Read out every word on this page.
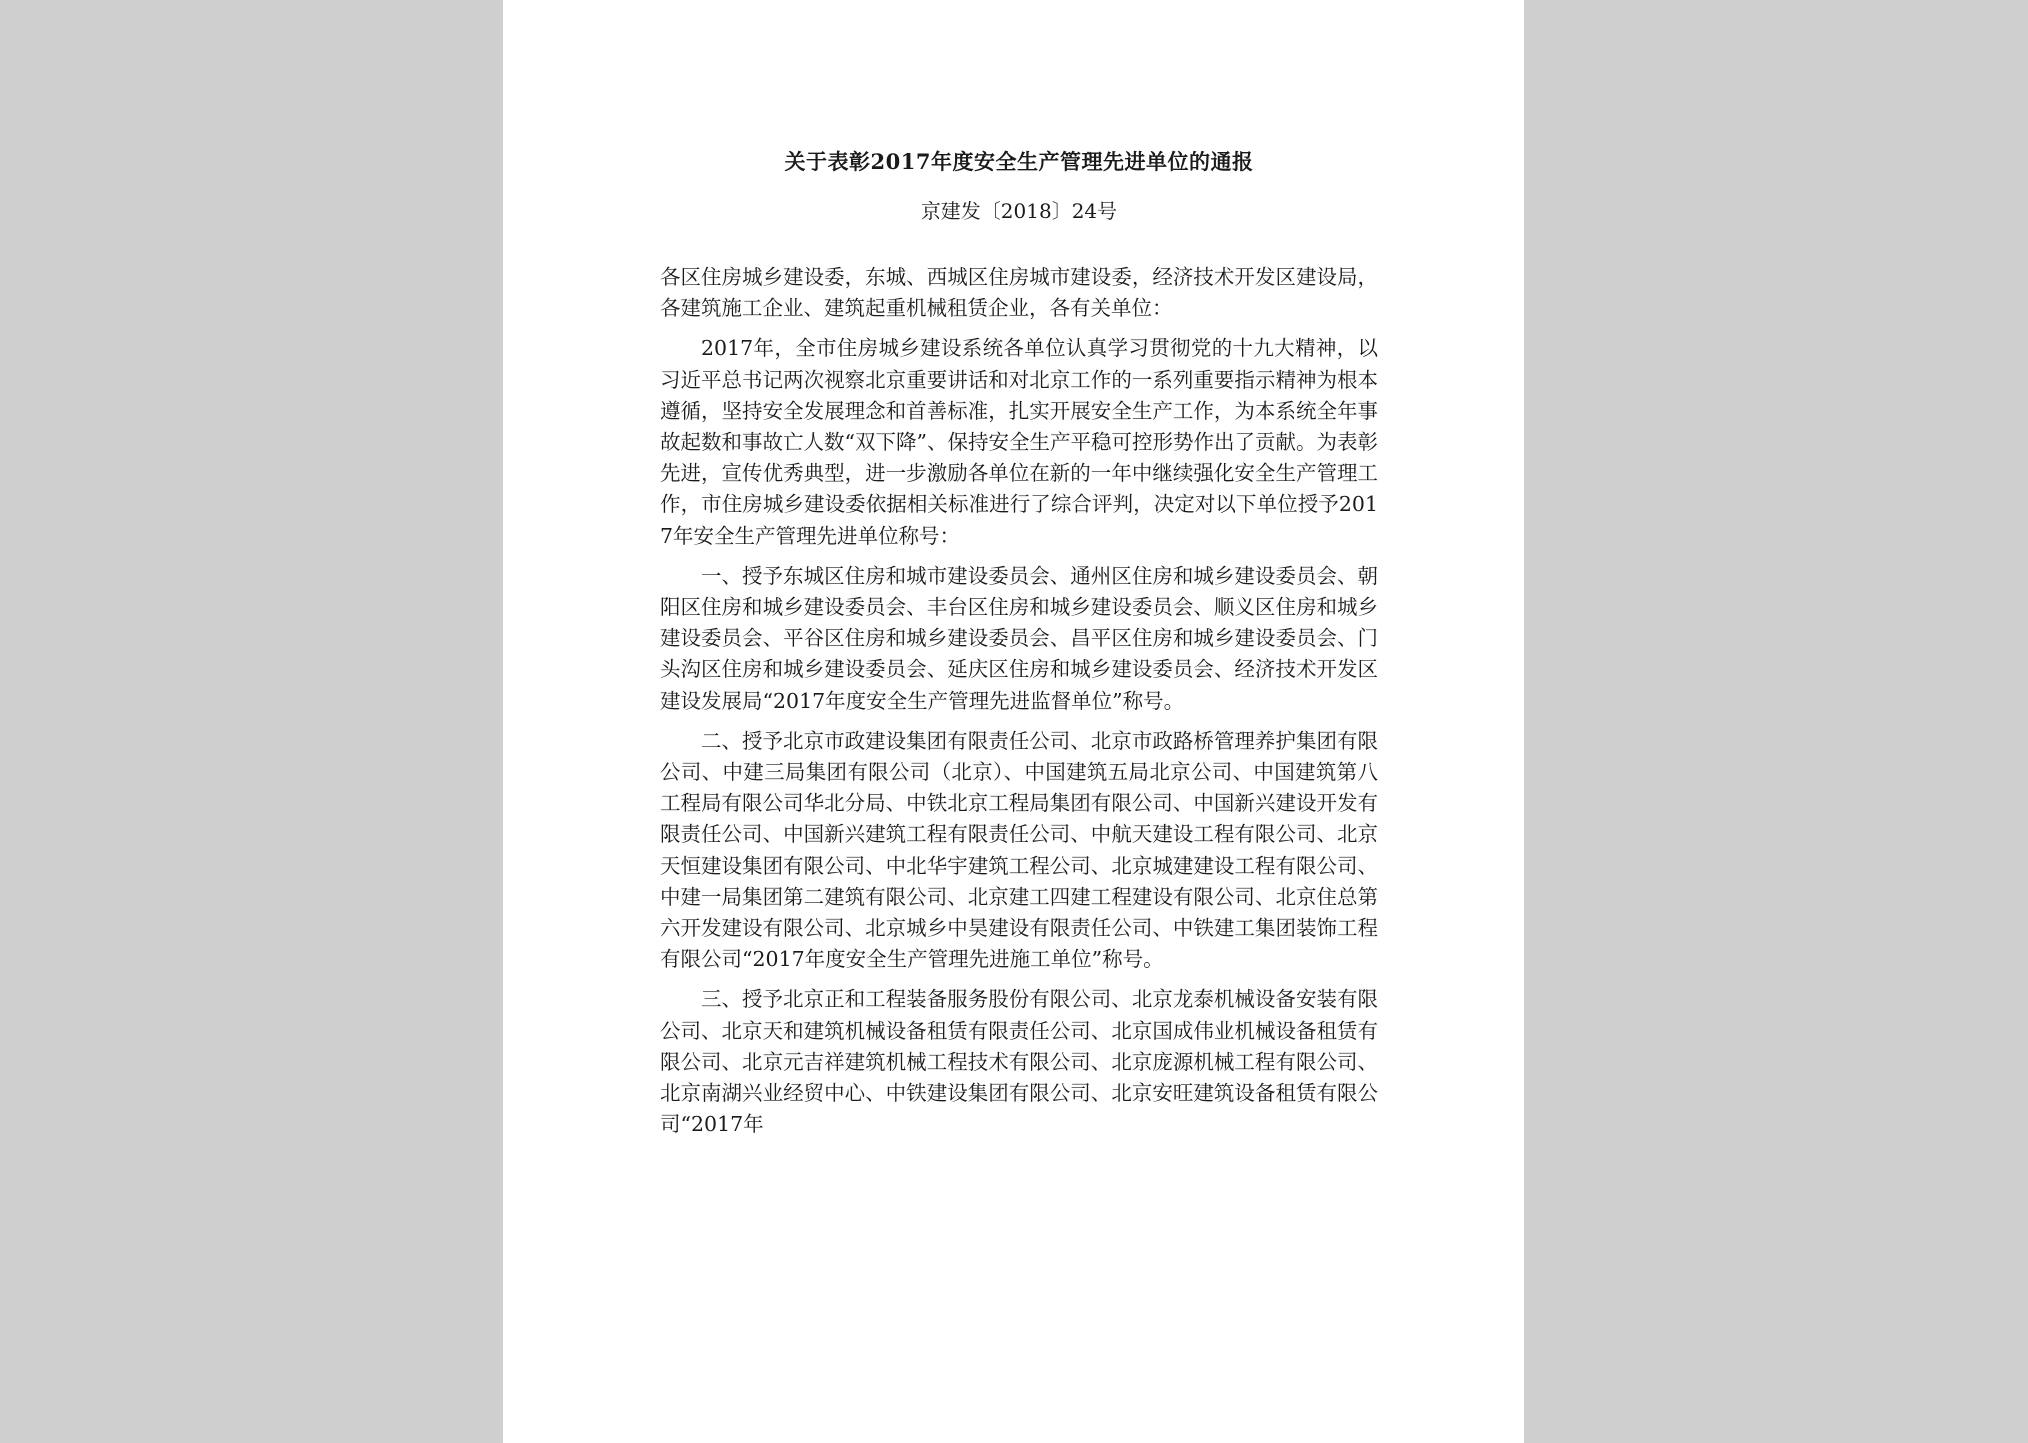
关于表彰2017年度安全生产管理先进单位的通报
京建发〔2018〕24号

各区住房城乡建设委，东城、西城区住房城市建设委，经济技术开发区建设局，各建筑施工企业、建筑起重机械租赁企业，各有关单位：

2017年，全市住房城乡建设系统各单位认真学习贯彻党的十九大精神，以习近平总书记两次视察北京重要讲话和对北京工作的一系列重要指示精神为根本遵循，坚持安全发展理念和首善标准，扎实开展安全生产工作，为本系统全年事故起数和事故亡人数“双下降”、保持安全生产平稳可控形势作出了贡献。为表彰先进，宣传优秀典型，进一步激励各单位在新的一年中继续强化安全生产管理工作，市住房城乡建设委依据相关标准进行了综合评判，决定对以下单位授予2017年安全生产管理先进单位称号：

一、授予东城区住房和城市建设委员会、通州区住房和城乡建设委员会、朝阳区住房和城乡建设委员会、丰台区住房和城乡建设委员会、顺义区住房和城乡建设委员会、平谷区住房和城乡建设委员会、昌平区住房和城乡建设委员会、门头沟区住房和城乡建设委员会、延庆区住房和城乡建设委员会、经济技术开发区建设发展局“2017年度安全生产管理先进监督单位”称号。

二、授予北京市政建设集团有限责任公司、北京市政路桥管理养护集团有限公司、中建三局集团有限公司（北京）、中国建筑五局北京公司、中国建筑第八工程局有限公司华北分局、中铁北京工程局集团有限公司、中国新兴建设开发有限责任公司、中国新兴建筑工程有限责任公司、中航天建设工程有限公司、北京天恒建设集团有限公司、中北华宇建筑工程公司、北京城建建设工程有限公司、中建一局集团第二建筑有限公司、北京建工四建工程建设有限公司、北京住总第六开发建设有限公司、北京城乡中昊建设有限责任公司、中铁建工集团装饰工程有限公司“2017年度安全生产管理先进施工单位”称号。

三、授予北京正和工程装备服务股份有限公司、北京龙泰机械设备安装有限公司、北京天和建筑机械设备租赁有限责任公司、北京国成伟业机械设备租赁有限公司、北京元吉祥建筑机械工程技术有限公司、北京庞源机械工程有限公司、北京南湖兴业经贸中心、中铁建设集团有限公司、北京安旺建筑设备租赁有限公司“2017年
